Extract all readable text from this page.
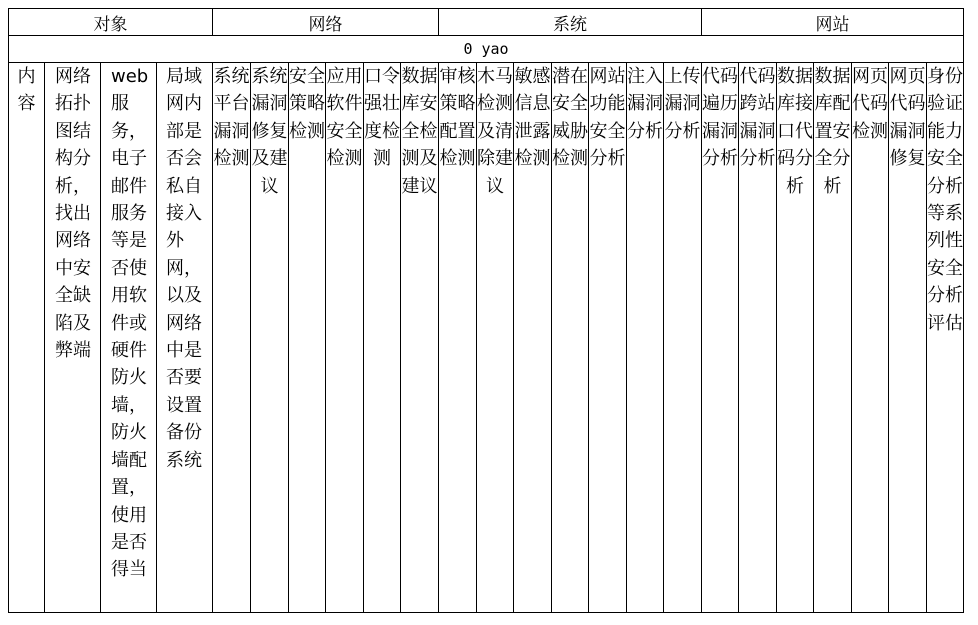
对象				网络						系统							网站						
0 yao																							

内容	网络拓扑图结构分析，找出网络中安全缺陷及弊端	web服务，电子邮件服务等是否使用软件或硬件防火墙，防火墙配置，使用是否得当	局域网内部是否会私自接入外网，以及网络中是否要设置备份系统	系统平台漏洞检测	系统漏洞修复及建议	安全策略检测	应用软件安全检测	口令强壮度检测	数据库安全检测及建议	审核策略配置检测	木马检测及清除建议	敏感信息泄露检测	潜在安全威胁检测	网站功能安全分析	注入漏洞分析	上传漏洞分析	代码遍历漏洞分析	代码跨站漏洞分析	数据库接口代码分析	数据库配置安全分析	网页代码检测	网页代码漏洞修复	身份验证能力安全分析等系列性安全分析评估
